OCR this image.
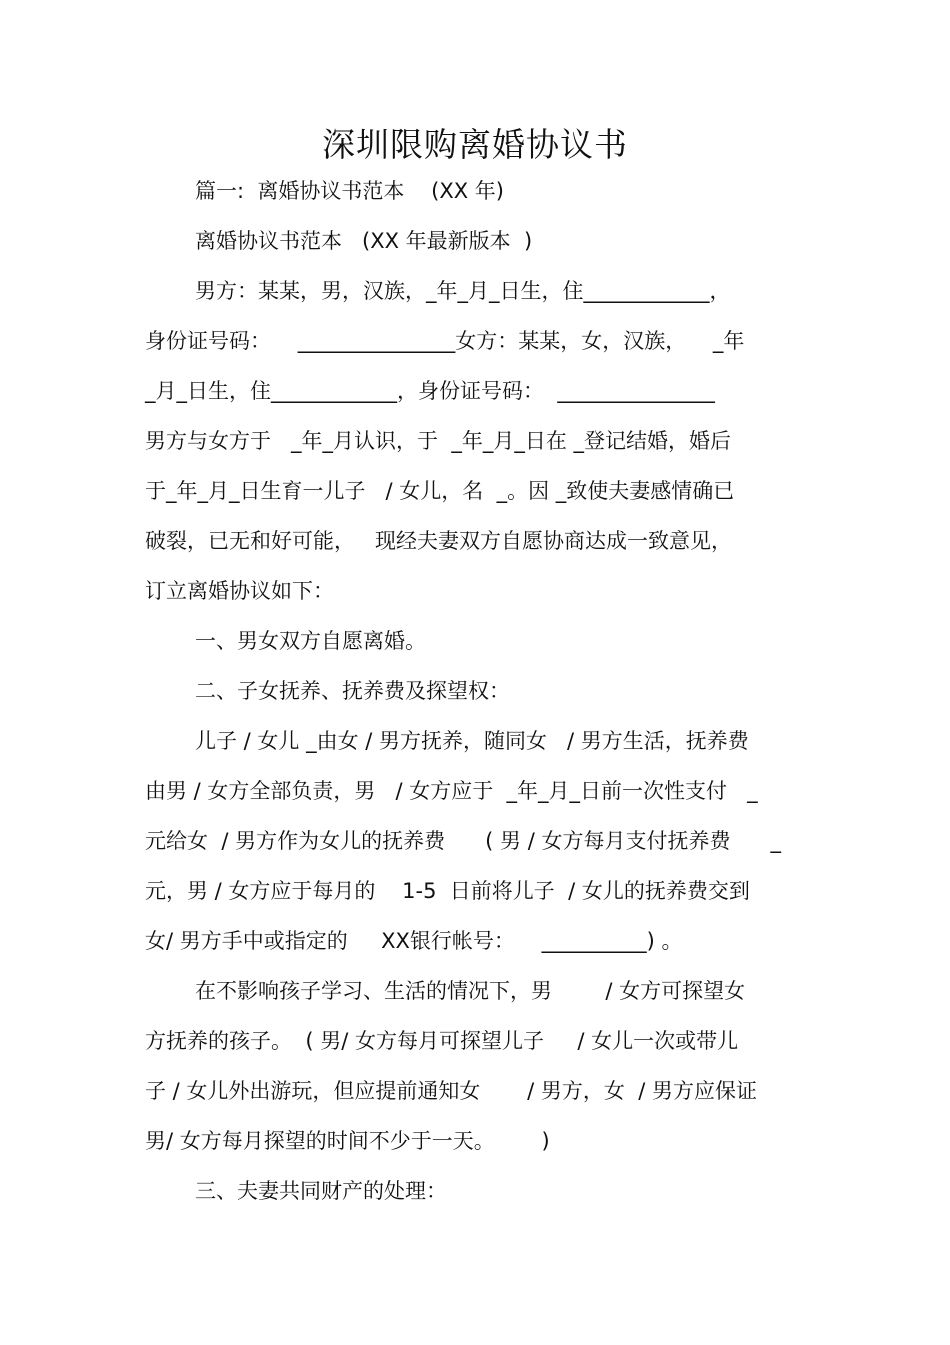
深圳限购离婚协议书

篇一:  离婚协议书范本    (XX 年)

离婚协议书范本   (XX 年最新版本  )

男方：某某，男，汉族，_年_月_日生，住____________，

身份证号码：    _______________女方：某某，女，汉族，    _年

_月_日生，住____________，身份证号码：  _______________

男方与女方于   _年_月认识，于  _年_月_日在 _登记结婚，婚后

于_年_月_日生育一儿子   / 女儿，名  _。因 _致使夫妻感情确已

破裂，已无和好可能，   现经夫妻双方自愿协商达成一致意见，

订立离婚协议如下：

一、男女双方自愿离婚。

二、子女抚养、抚养费及探望权：

儿子 / 女儿 _由女 / 男方抚养，随同女   / 男方生活，抚养费

由男 / 女方全部负责，男   / 女方应于  _年_月_日前一次性支付   _

元给女  / 男方作为女儿的抚养费      ( 男 / 女方每月支付抚养费      _

元，男 / 女方应于每月的    1-5  日前将儿子  / 女儿的抚养费交到

女/ 男方手中或指定的     XX银行帐号：    __________) 。

在不影响孩子学习、生活的情况下，男        / 女方可探望女

方抚养的孩子。  ( 男/ 女方每月可探望儿子     / 女儿一次或带儿

子 / 女儿外出游玩，但应提前通知女       / 男方，女  / 男方应保证

男/ 女方每月探望的时间不少于一天。       )

三、夫妻共同财产的处理：
